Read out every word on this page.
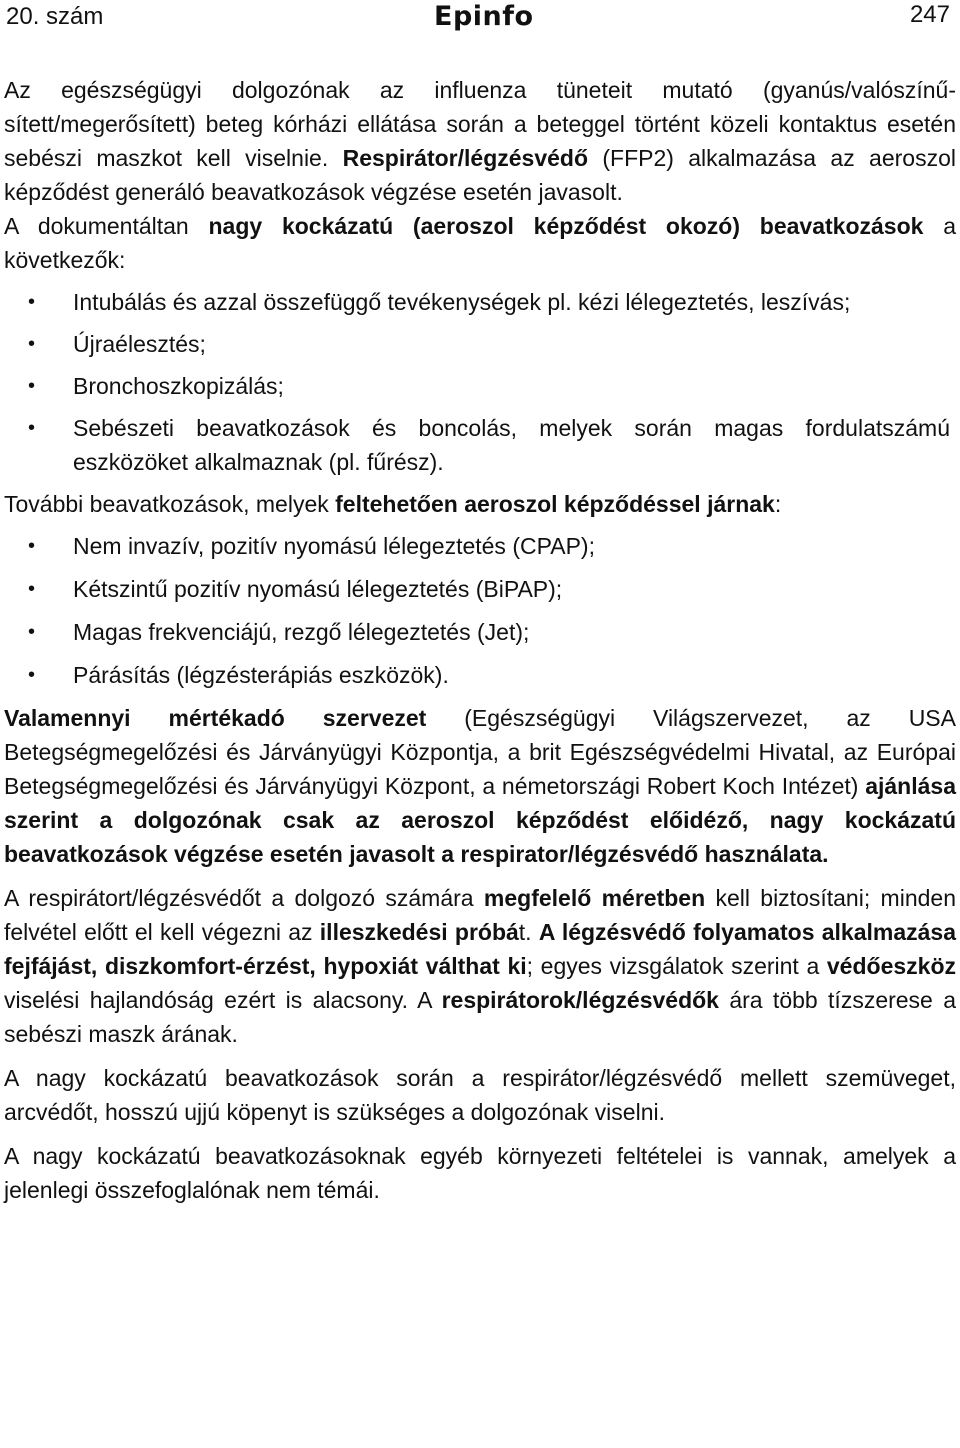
20. szám	Epinfo	247

Az egészségügyi dolgozónak az influenza tüneteit mutató (gyanús/valószínűsített/megerősített) beteg kórházi ellátása során a beteggel történt közeli kontaktus esetén sebészi maszkot kell viselnie. Respirátor/légzésvédő (FFP2) alkalmazása az aeroszol képződést generáló beavatkozások végzése esetén javasolt.

A dokumentáltan nagy kockázatú (aeroszol képződést okozó) beavatkozások a következők:

• Intubálás és azzal összefüggő tevékenységek pl. kézi lélegeztetés, leszívás;
• Újraélesztés;
• Bronchoszkopizálás;
• Sebészeti beavatkozások és boncolás, melyek során magas fordulatszámú eszközöket alkalmaznak (pl. fűrész).

További beavatkozások, melyek feltehetően aeroszol képződéssel járnak:

• Nem invazív, pozitív nyomású lélegeztetés (CPAP);
• Kétszintű pozitív nyomású lélegeztetés (BiPAP);
• Magas frekvenciájú, rezgő lélegeztetés (Jet);
• Párásítás (légzésterápiás eszközök).

Valamennyi mértékadó szervezet (Egészségügyi Világszervezet, az USA Betegségmegelőzési és Járványügyi Központja, a brit Egészségvédelmi Hivatal, az Európai Betegségmegelőzési és Járványügyi Központ, a németországi Robert Koch Intézet) ajánlása szerint a dolgozónak csak az aeroszol képződést előidéző, nagy kockázatú beavatkozások végzése esetén javasolt a respirator/légzésvédő használata.

A respirátort/légzésvédőt a dolgozó számára megfelelő méretben kell biztosítani; minden felvétel előtt el kell végezni az illeszkedési próbát. A légzésvédő folyamatos alkalmazása fejfájást, diszkomfort-érzést, hypoxiát válthat ki; egyes vizsgálatok szerint a védőeszköz viselési hajlandóság ezért is alacsony. A respirátorok/légzésvédők ára több tízszerese a sebészi maszk árának.

A nagy kockázatú beavatkozások során a respirátor/légzésvédő mellett szemüveget, arcvédőt, hosszú ujjú köpenyt is szükséges a dolgozónak viselni.

A nagy kockázatú beavatkozásoknak egyéb környezeti feltételei is vannak, amelyek a jelenlegi összefoglalónak nem témái.
